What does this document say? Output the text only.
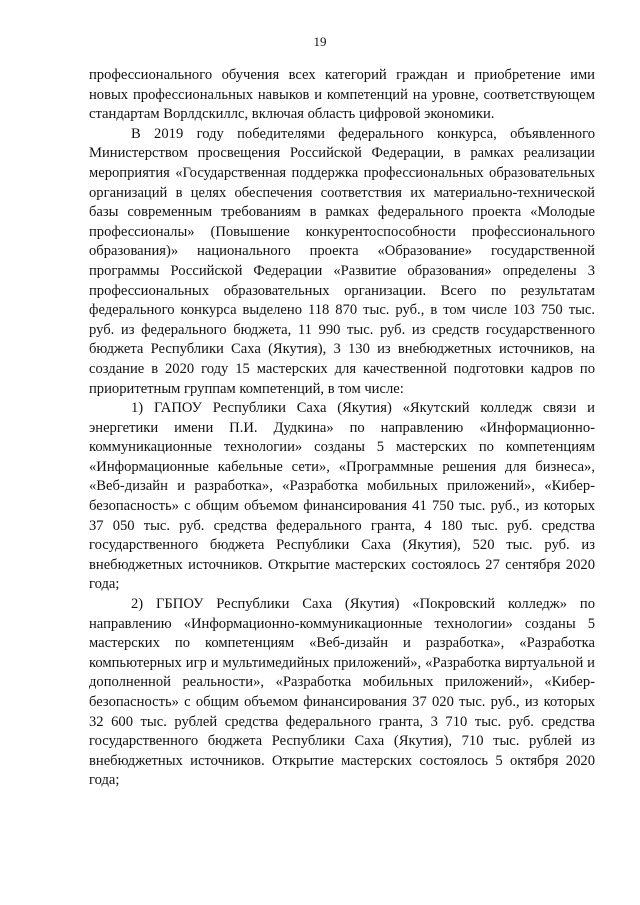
19

профессионального обучения всех категорий граждан и приобретение ими новых профессиональных навыков и компетенций на уровне, соответствующем стандартам Ворлдскиллс, включая область цифровой экономики.

В 2019 году победителями федерального конкурса, объявленного Министерством просвещения Российской Федерации, в рамках реализации мероприятия «Государственная поддержка профессиональных образовательных организаций в целях обеспечения соответствия их материально-технической базы современным требованиям в рамках федерального проекта «Молодые профессионалы» (Повышение конкурентоспособности профессионального образования)» национального проекта «Образование» государственной программы Российской Федерации «Развитие образования» определены 3 профессиональных образовательных организации. Всего по результатам федерального конкурса выделено 118 870 тыс. руб., в том числе 103 750 тыс. руб. из федерального бюджета, 11 990 тыс. руб. из средств государственного бюджета Республики Саха (Якутия), 3 130 из внебюджетных источников, на создание в 2020 году 15 мастерских для качественной подготовки кадров по приоритетным группам компетенций, в том числе:

1) ГАПОУ Республики Саха (Якутия) «Якутский колледж связи и энергетики имени П.И. Дудкина» по направлению «Информационно-коммуникационные технологии» созданы 5 мастерских по компетенциям «Информационные кабельные сети», «Программные решения для бизнеса», «Веб-дизайн и разработка», «Разработка мобильных приложений», «Кибер-безопасность» с общим объемом финансирования 41 750 тыс. руб., из которых 37 050 тыс. руб. средства федерального гранта, 4 180 тыс. руб. средства государственного бюджета Республики Саха (Якутия), 520 тыс. руб. из внебюджетных источников. Открытие мастерских состоялось 27 сентября 2020 года;

2) ГБПОУ Республики Саха (Якутия) «Покровский колледж» по направлению «Информационно-коммуникационные технологии» созданы 5 мастерских по компетенциям «Веб-дизайн и разработка», «Разработка компьютерных игр и мультимедийных приложений», «Разработка виртуальной и дополненной реальности», «Разработка мобильных приложений», «Кибер-безопасность» с общим объемом финансирования 37 020 тыс. руб., из которых 32 600 тыс. рублей средства федерального гранта, 3 710 тыс. руб. средства государственного бюджета Республики Саха (Якутия), 710 тыс. рублей из внебюджетных источников. Открытие мастерских состоялось 5 октября 2020 года;
